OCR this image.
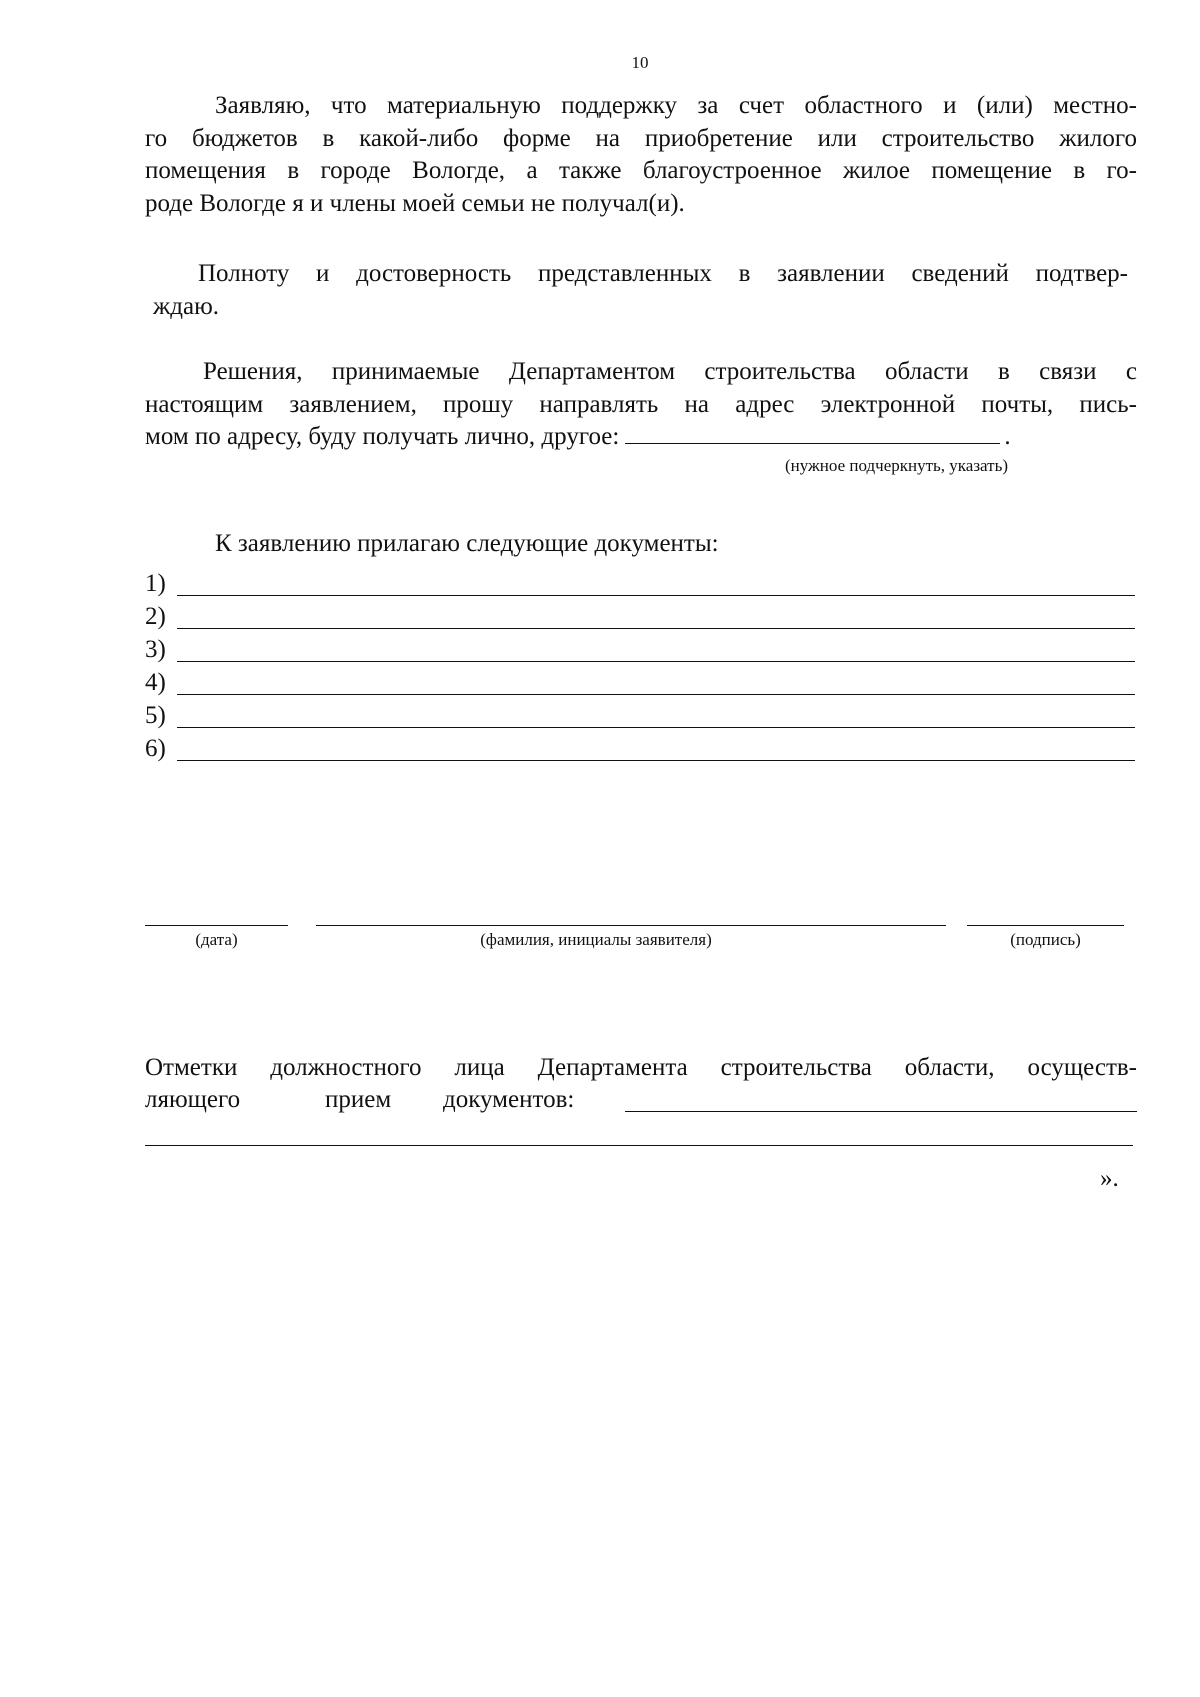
10
Заявляю, что материальную поддержку за счет областного и (или) местно-
го бюджетов в какой-либо форме на приобретение или строительство жилого
помещения в городе Вологде, а также благоустроенное жилое помещение в го-
роде Вологде я и члены моей семьи не получал(и).
Полноту и достоверность представленных в заявлении сведений подтвер-
ждаю.
Решения, принимаемые Департаментом строительства области в связи с
настоящим заявлением, прошу направлять на адрес электронной почты, пись-
мом по адресу, буду получать лично, другое:	.
(нужное подчеркнуть, указать)
К заявлению прилагаю следующие документы:
1)
2)
3)
4)
5)
6)
(дата)	(фамилия, инициалы заявителя)	(подпись)
Отметки должностного лица Департамента строительства области, осуществ-
ляющего	прием документов:
».
